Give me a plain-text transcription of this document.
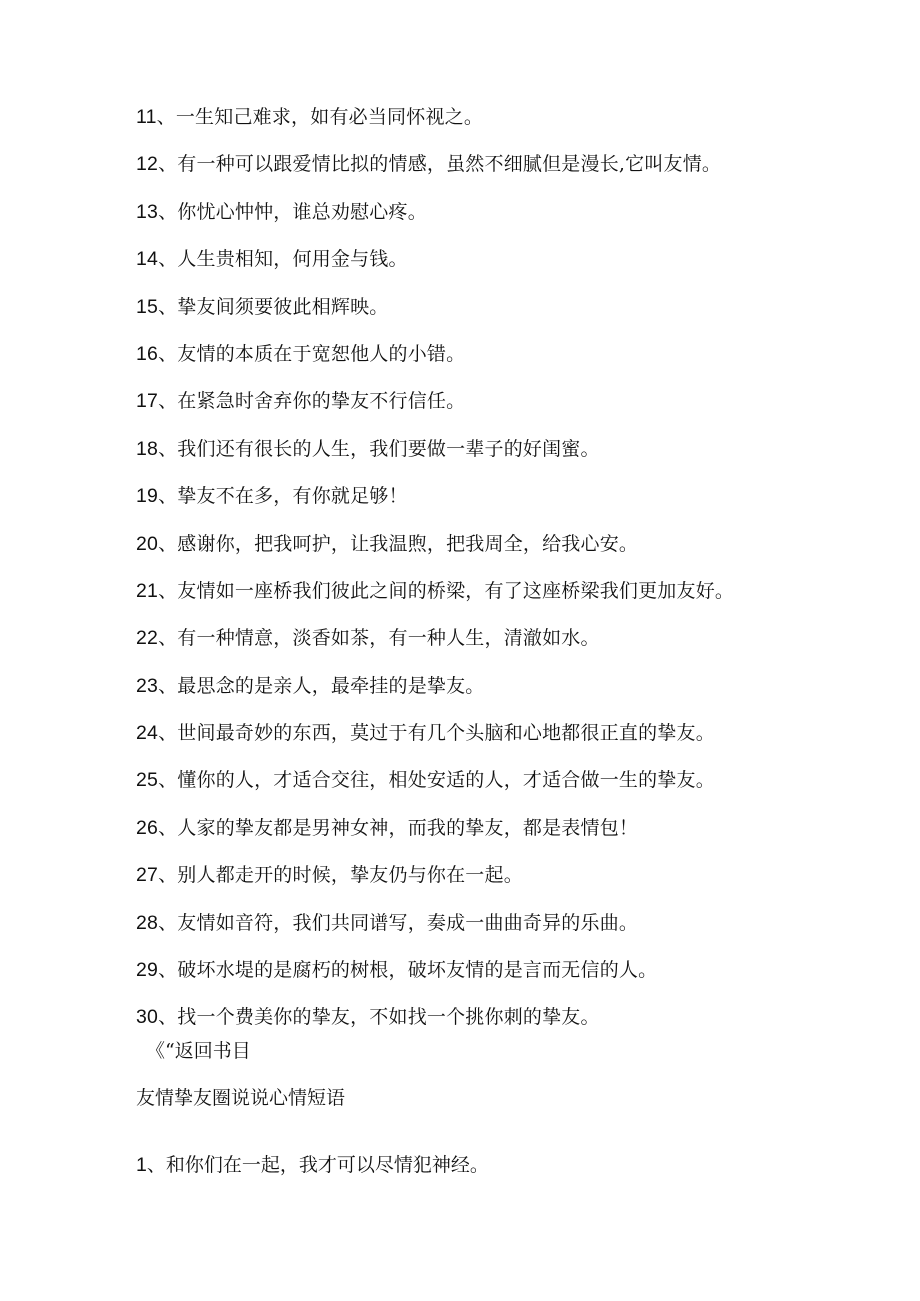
11、一生知己难求，如有必当同怀视之。
12、有一种可以跟爱情比拟的情感，虽然不细腻但是漫长,它叫友情。
13、你忧心忡忡，谁总劝慰心疼。
14、人生贵相知，何用金与钱。
15、挚友间须要彼此相辉映。
16、友情的本质在于宽恕他人的小错。
17、在紧急时舍弃你的挚友不行信任。
18、我们还有很长的人生，我们要做一辈子的好闺蜜。
19、挚友不在多，有你就足够！
20、感谢你，把我呵护，让我温煦，把我周全，给我心安。
21、友情如一座桥我们彼此之间的桥梁，有了这座桥梁我们更加友好。
22、有一种情意，淡香如茶，有一种人生，清澈如水。
23、最思念的是亲人，最牵挂的是挚友。
24、世间最奇妙的东西，莫过于有几个头脑和心地都很正直的挚友。
25、懂你的人，才适合交往，相处安适的人，才适合做一生的挚友。
26、人家的挚友都是男神女神，而我的挚友，都是表情包！
27、别人都走开的时候，挚友仍与你在一起。
28、友情如音符，我们共同谱写，奏成一曲曲奇异的乐曲。
29、破坏水堤的是腐朽的树根，破坏友情的是言而无信的人。
30、找一个费美你的挚友，不如找一个挑你刺的挚友。
《“返回书目
友情挚友圈说说心情短语
1、和你们在一起，我才可以尽情犯神经。
